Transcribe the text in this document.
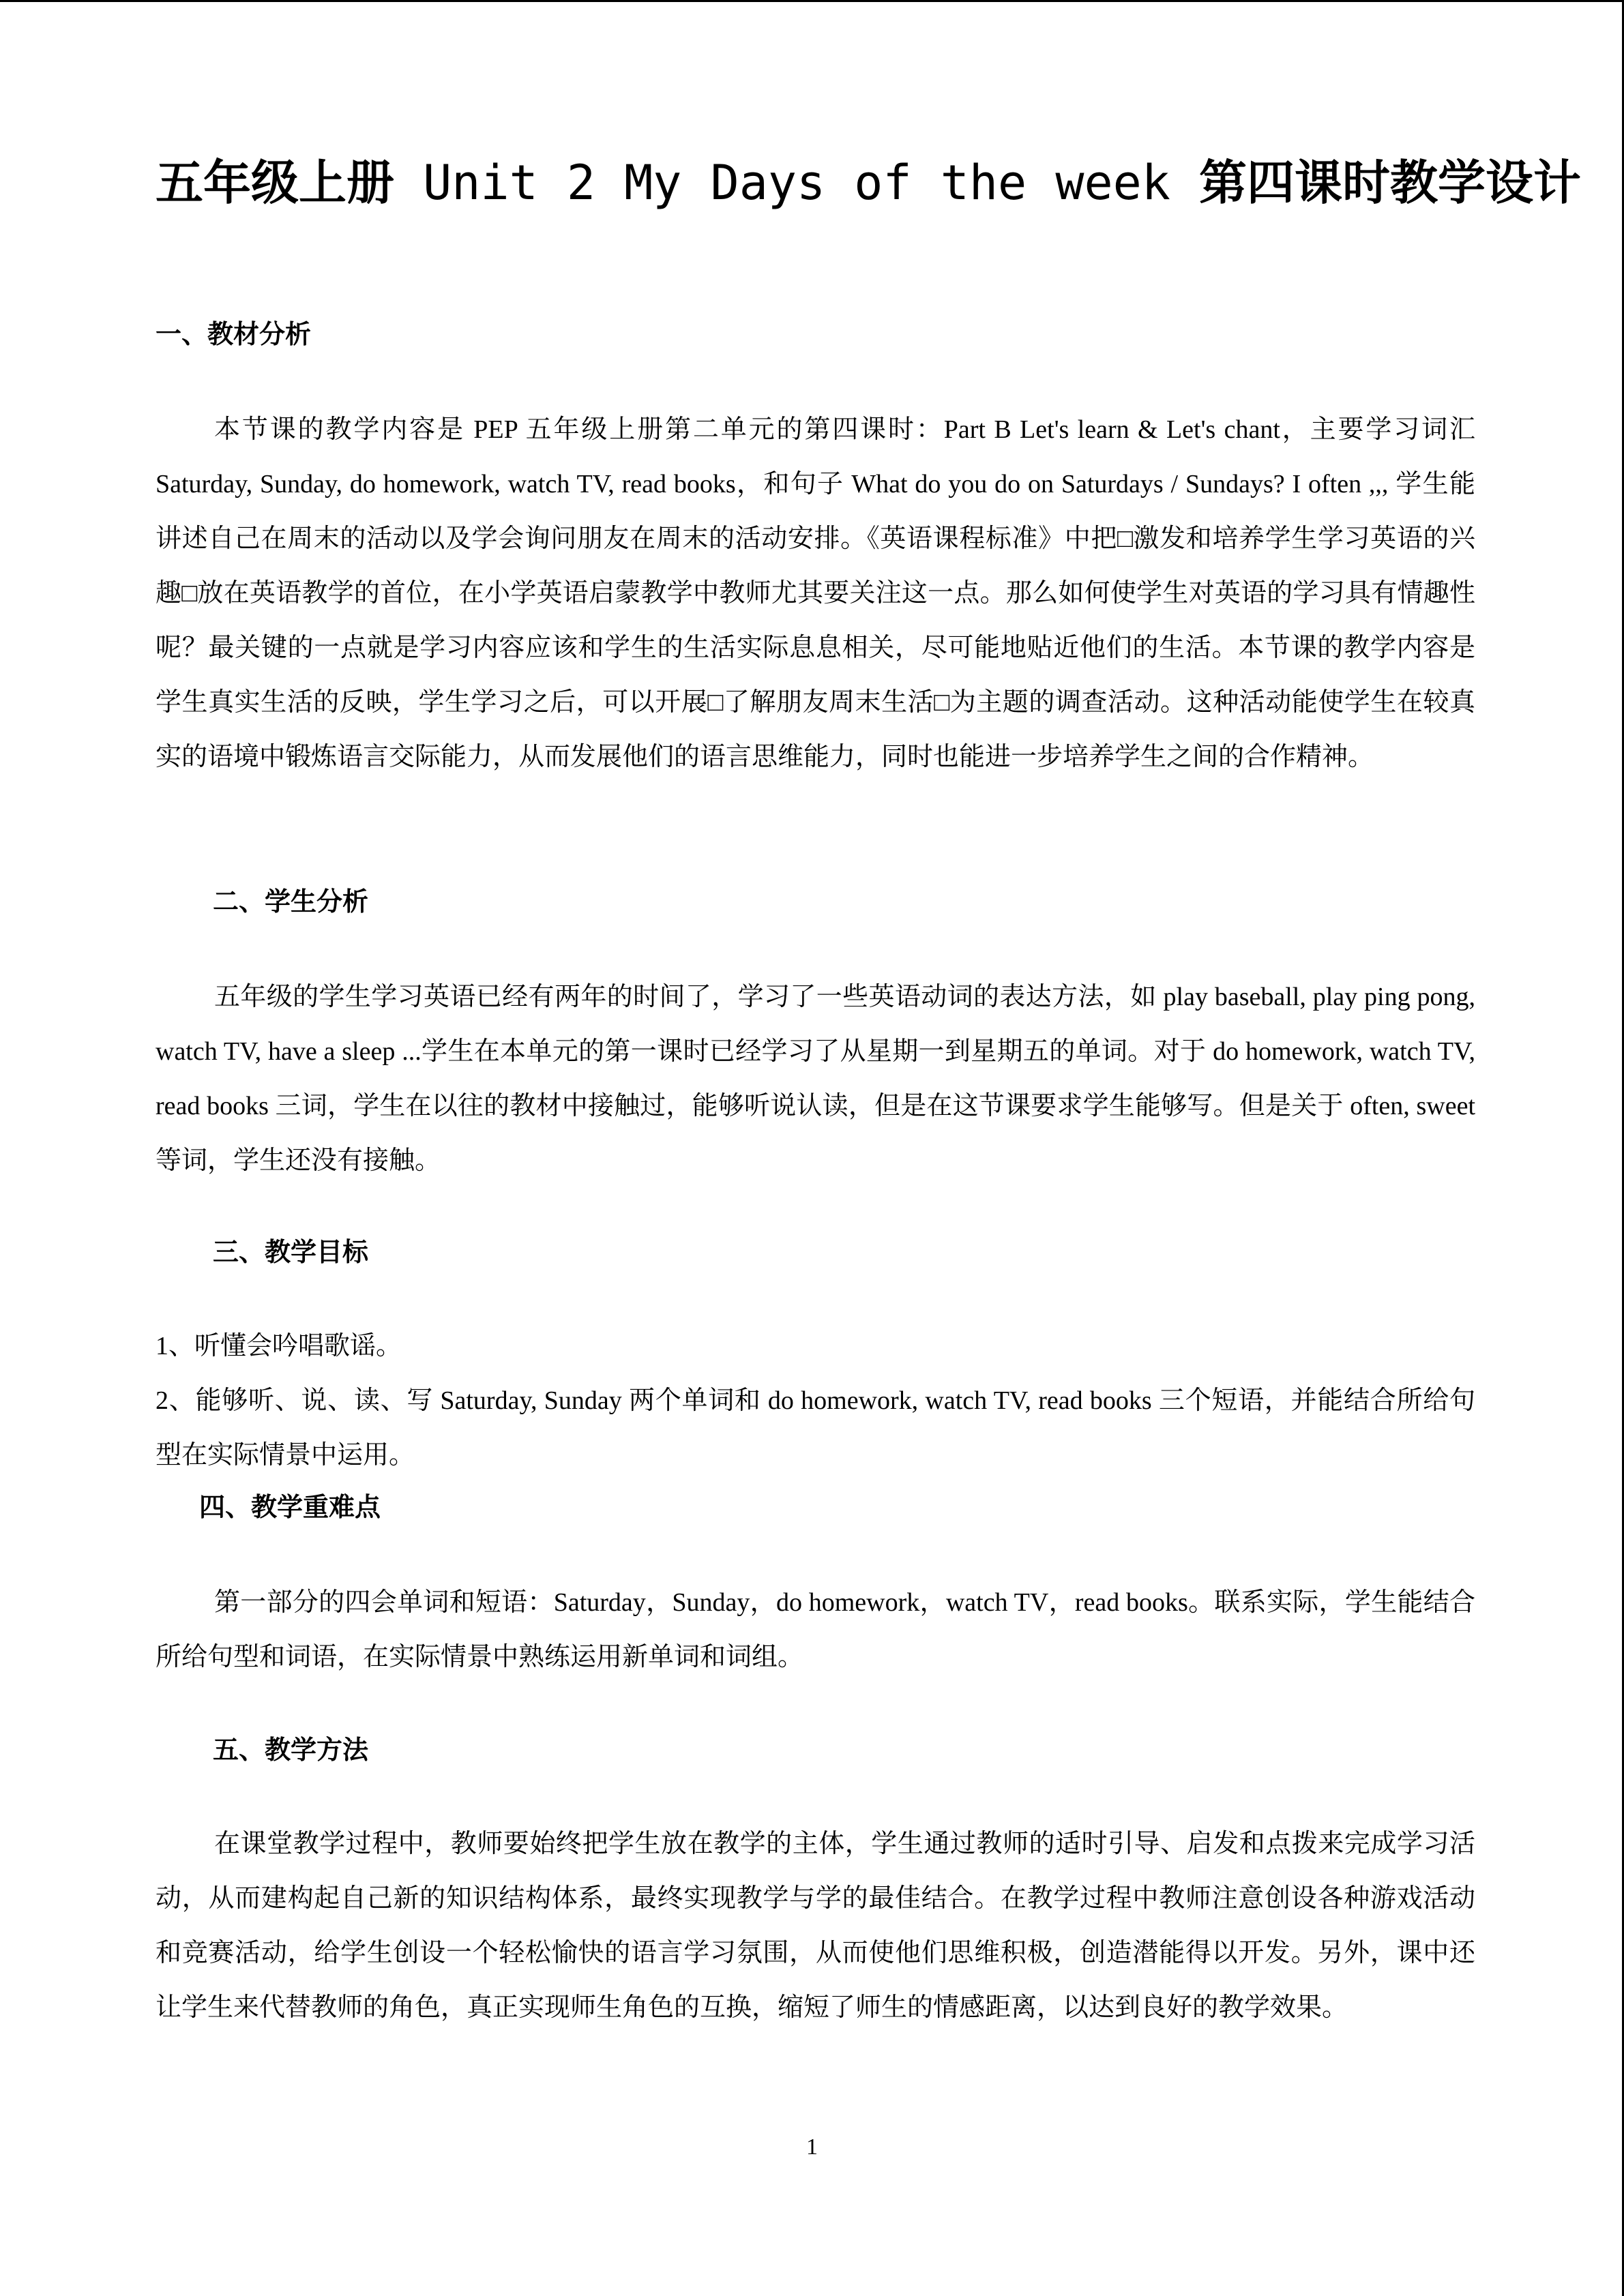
五年级上册 Unit 2 My Days of the week 第四课时教学设计
一、教材分析

本节课的教学内容是 PEP 五年级上册第二单元的第四课时：Part B Let's learn & Let's chant，主要学习词汇 Saturday, Sunday, do homework, watch TV, read books，和句子 What do you do on Saturdays / Sundays? I often ,,, 学生能讲述自己在周末的活动以及学会询问朋友在周末的活动安排。《英语课程标准》中把□激发和培养学生学习英语的兴趣□放在英语教学的首位，在小学英语启蒙教学中教师尤其要关注这一点。那么如何使学生对英语的学习具有情趣性呢？最关键的一点就是学习内容应该和学生的生活实际息息相关，尽可能地贴近他们的生活。本节课的教学内容是学生真实生活的反映，学生学习之后，可以开展□了解朋友周末生活□为主题的调查活动。这种活动能使学生在较真实的语境中锻炼语言交际能力，从而发展他们的语言思维能力，同时也能进一步培养学生之间的合作精神。

二、学生分析

五年级的学生学习英语已经有两年的时间了，学习了一些英语动词的表达方法，如 play baseball, play ping pong, watch TV, have a sleep ...学生在本单元的第一课时已经学习了从星期一到星期五的单词。对于 do homework, watch TV, read books 三词，学生在以往的教材中接触过，能够听说认读，但是在这节课要求学生能够写。但是关于 often, sweet 等词，学生还没有接触。

三、教学目标

1、听懂会吟唱歌谣。

2、能够听、说、读、写 Saturday, Sunday 两个单词和 do homework, watch TV, read books 三个短语，并能结合所给句型在实际情景中运用。

四、教学重难点

第一部分的四会单词和短语：Saturday，Sunday，do homework，watch TV，read books。联系实际，学生能结合所给句型和词语，在实际情景中熟练运用新单词和词组。

五、教学方法

在课堂教学过程中，教师要始终把学生放在教学的主体，学生通过教师的适时引导、启发和点拨来完成学习活动，从而建构起自己新的知识结构体系，最终实现教学与学的最佳结合。在教学过程中教师注意创设各种游戏活动和竞赛活动，给学生创设一个轻松愉快的语言学习氛围，从而使他们思维积极，创造潜能得以开发。另外，课中还让学生来代替教师的角色，真正实现师生角色的互换，缩短了师生的情感距离，以达到良好的教学效果。

1
